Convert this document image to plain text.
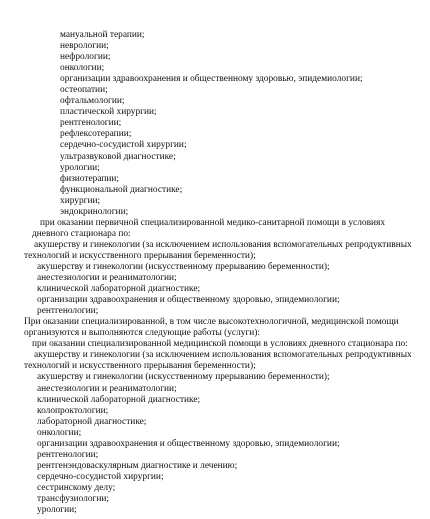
мануальной терапии;
неврологии;
нефрологии;
онкологии;
организации здравоохранения и общественному здоровью, эпидемиологии;
остеопатии;
офтальмологии;
пластической хирургии;
рентгенологии;
рефлексотерапии;
сердечно-сосудистой хирургии;
ультразвуковой диагностике;
урологии;
физиотерапии;
функциональной диагностике;
хирургии;
эндокринологии;
при оказании первичной специализированной медико-санитарной помощи в условиях дневного стационара по:
акушерству и гинекологии (за исключением использования вспомогательных репродуктивных технологий и искусственного прерывания беременности);
акушерству и гинекологии (искусственному прерыванию беременности);
анестезиологии и реаниматологии;
клинической лабораторной диагностике;
организации здравоохранения и общественному здоровью, эпидемиологии;
рентгенологии;
При оказании специализированной, в том числе высокотехнологичной, медицинской помощи организуются и выполняются следующие работы (услуги):
при оказании специализированной медицинской помощи в условиях дневного стационара по:
акушерству и гинекологии (за исключением использования вспомогательных репродуктивных технологий и искусственного прерывания беременности);
акушерству и гинекологии (искусственному прерыванию беременности);
анестезиологии и реаниматологии;
клинической лабораторной диагностике;
колопроктологии;
лабораторной диагностике;
онкологии;
организации здравоохранения и общественному здоровью, эпидемиологии;
рентгенологии;
рентгенэндоваскулярным диагностике и лечению;
сердечно-сосудистой хирургии;
сестринскому делу;
трансфузиологии;
урологии;
